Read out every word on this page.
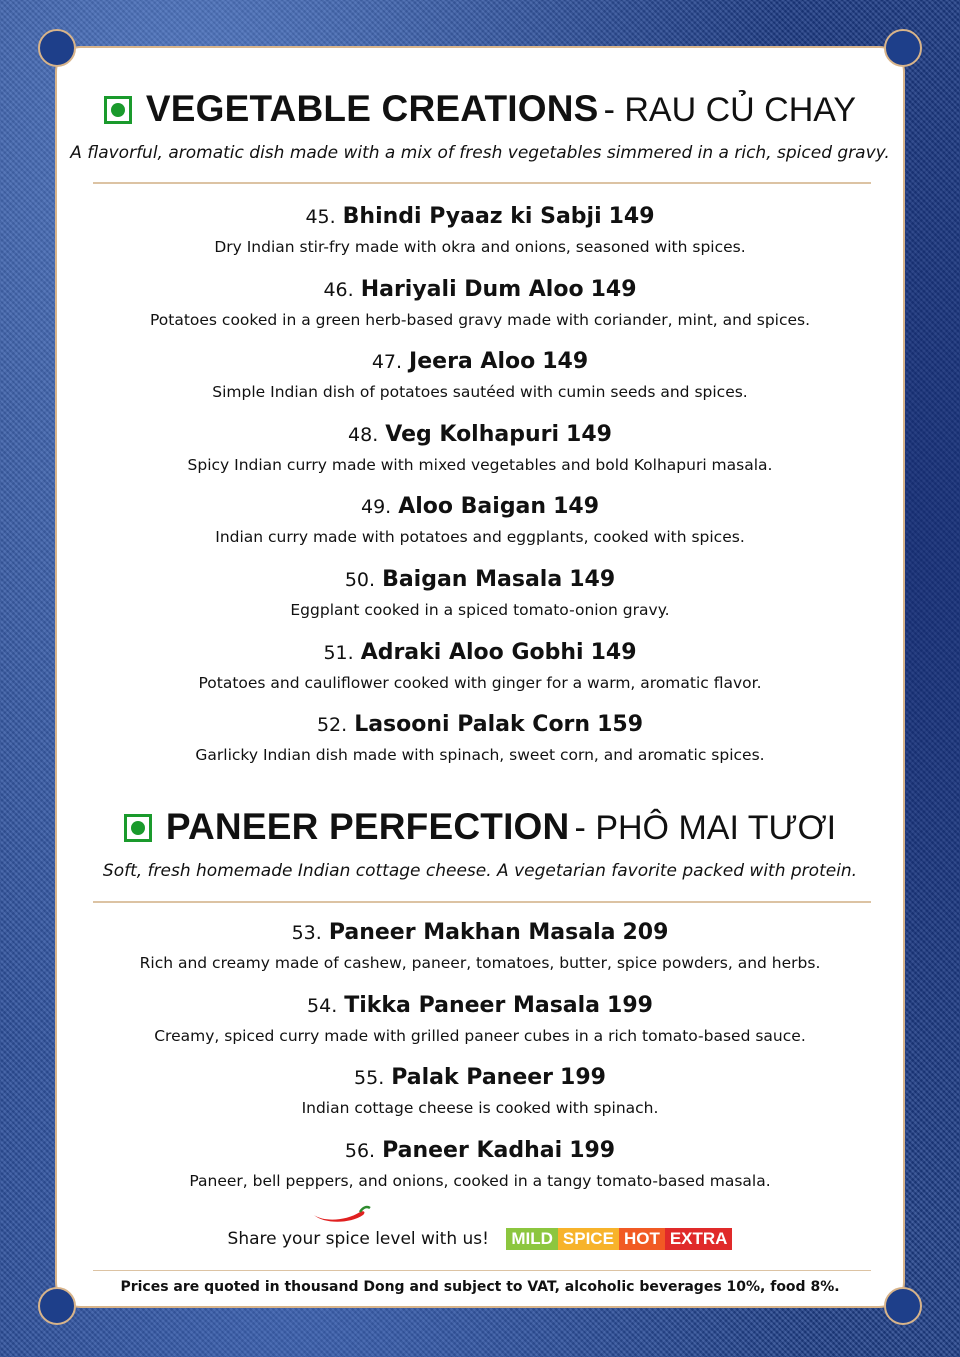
VEGETABLE CREATIONS - RAU CỦ CHAY
A flavorful, aromatic dish made with a mix of fresh vegetables simmered in a rich, spiced gravy.
45. Bhindi Pyaaz ki Sabji 149
Dry Indian stir-fry made with okra and onions, seasoned with spices.
46. Hariyali Dum Aloo 149
Potatoes cooked in a green herb-based gravy made with coriander, mint, and spices.
47. Jeera Aloo 149
Simple Indian dish of potatoes sautéed with cumin seeds and spices.
48. Veg Kolhapuri 149
Spicy Indian curry made with mixed vegetables and bold Kolhapuri masala.
49. Aloo Baigan 149
Indian curry made with potatoes and eggplants, cooked with spices.
50. Baigan Masala 149
Eggplant cooked in a spiced tomato-onion gravy.
51. Adraki Aloo Gobhi 149
Potatoes and cauliflower cooked with ginger for a warm, aromatic flavor.
52. Lasooni Palak Corn 159
Garlicky Indian dish made with spinach, sweet corn, and aromatic spices.
PANEER PERFECTION - PHÔ MAI TƯƠI
Soft, fresh homemade Indian cottage cheese. A vegetarian favorite packed with protein.
53. Paneer Makhan Masala 209
Rich and creamy made of cashew, paneer, tomatoes, butter, spice powders, and herbs.
54. Tikka Paneer Masala 199
Creamy, spiced curry made with grilled paneer cubes in a rich tomato-based sauce.
55. Palak Paneer 199
Indian cottage cheese is cooked with spinach.
56. Paneer Kadhai 199
Paneer, bell peppers, and onions, cooked in a tangy tomato-based masala.
Share your spice level with us! MILD SPICE HOT EXTRA
Prices are quoted in thousand Dong and subject to VAT, alcoholic beverages 10%, food 8%.
